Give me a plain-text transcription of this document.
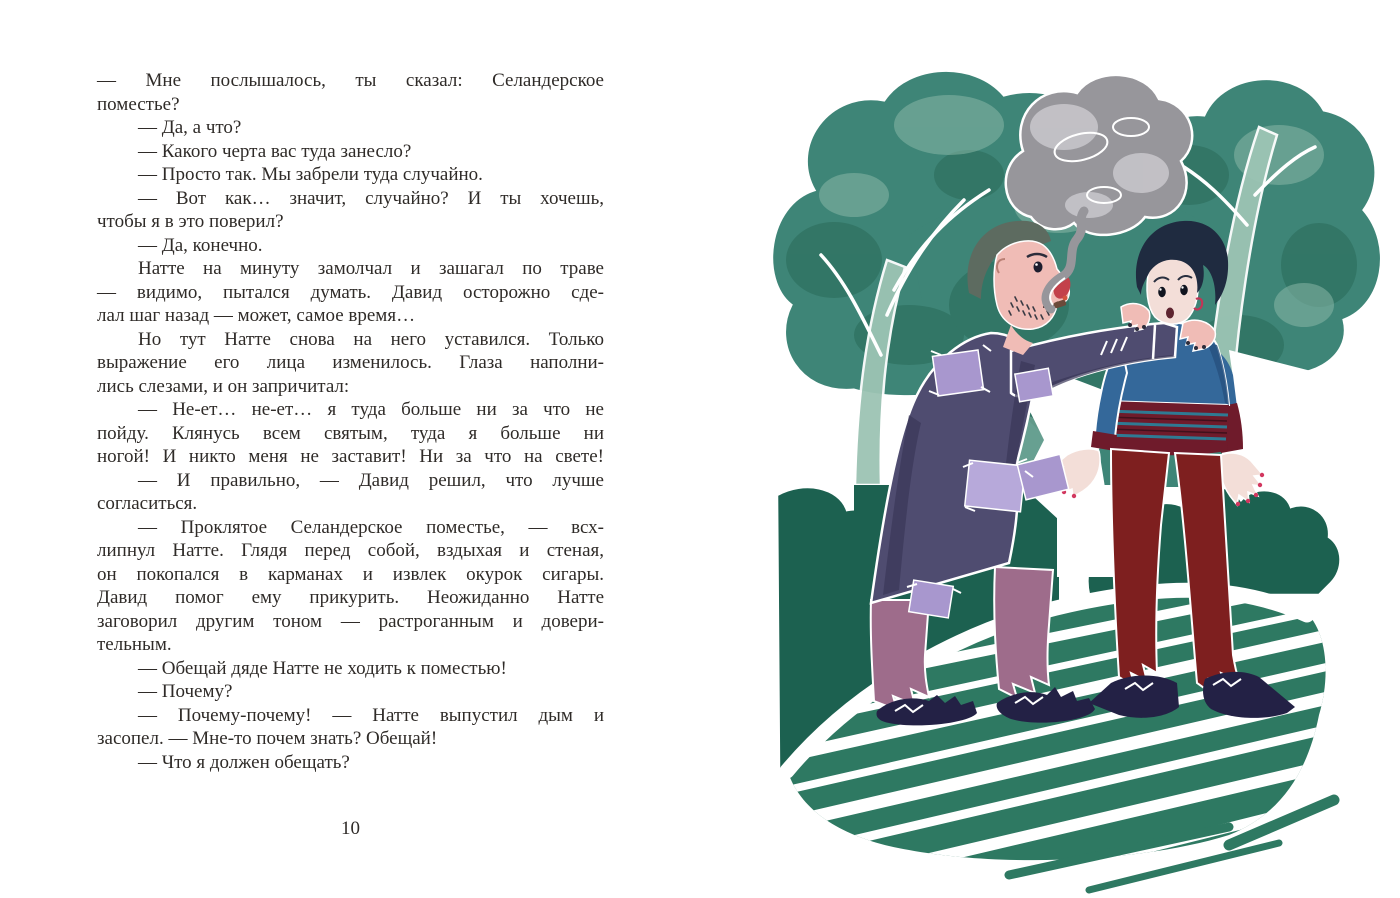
— Мне послышалось, ты сказал: Селандерское
поместье?
— Да, а что?
— Какого черта вас туда занесло?
— Просто так. Мы забрели туда случайно.
— Вот как… значит, случайно? И ты хочешь,
чтобы я в это поверил?
— Да, конечно.
Натте на минуту замолчал и зашагал по траве
— видимо, пытался думать. Давид осторожно сде-
лал шаг назад — может, самое время…
Но тут Натте снова на него уставился. Только
выражение его лица изменилось. Глаза наполни-
лись слезами, и он запричитал:
— Не-ет… не-ет… я туда больше ни за что не
пойду. Клянусь всем святым, туда я больше ни
ногой! И никто меня не заставит! Ни за что на свете!
— И правильно, — Давид решил, что лучше
согласиться.
— Проклятое Селандерское поместье, — всх-
липнул Натте. Глядя перед собой, вздыхая и стеная,
он покопался в карманах и извлек окурок сигары.
Давид помог ему прикурить. Неожиданно Натте
заговорил другим тоном — растроганным и довери-
тельным.
— Обещай дяде Натте не ходить к поместью!
— Почему?
— Почему-почему! — Натте выпустил дым и
засопел. — Мне-то почем знать? Обещай!
— Что я должен обещать?
10
